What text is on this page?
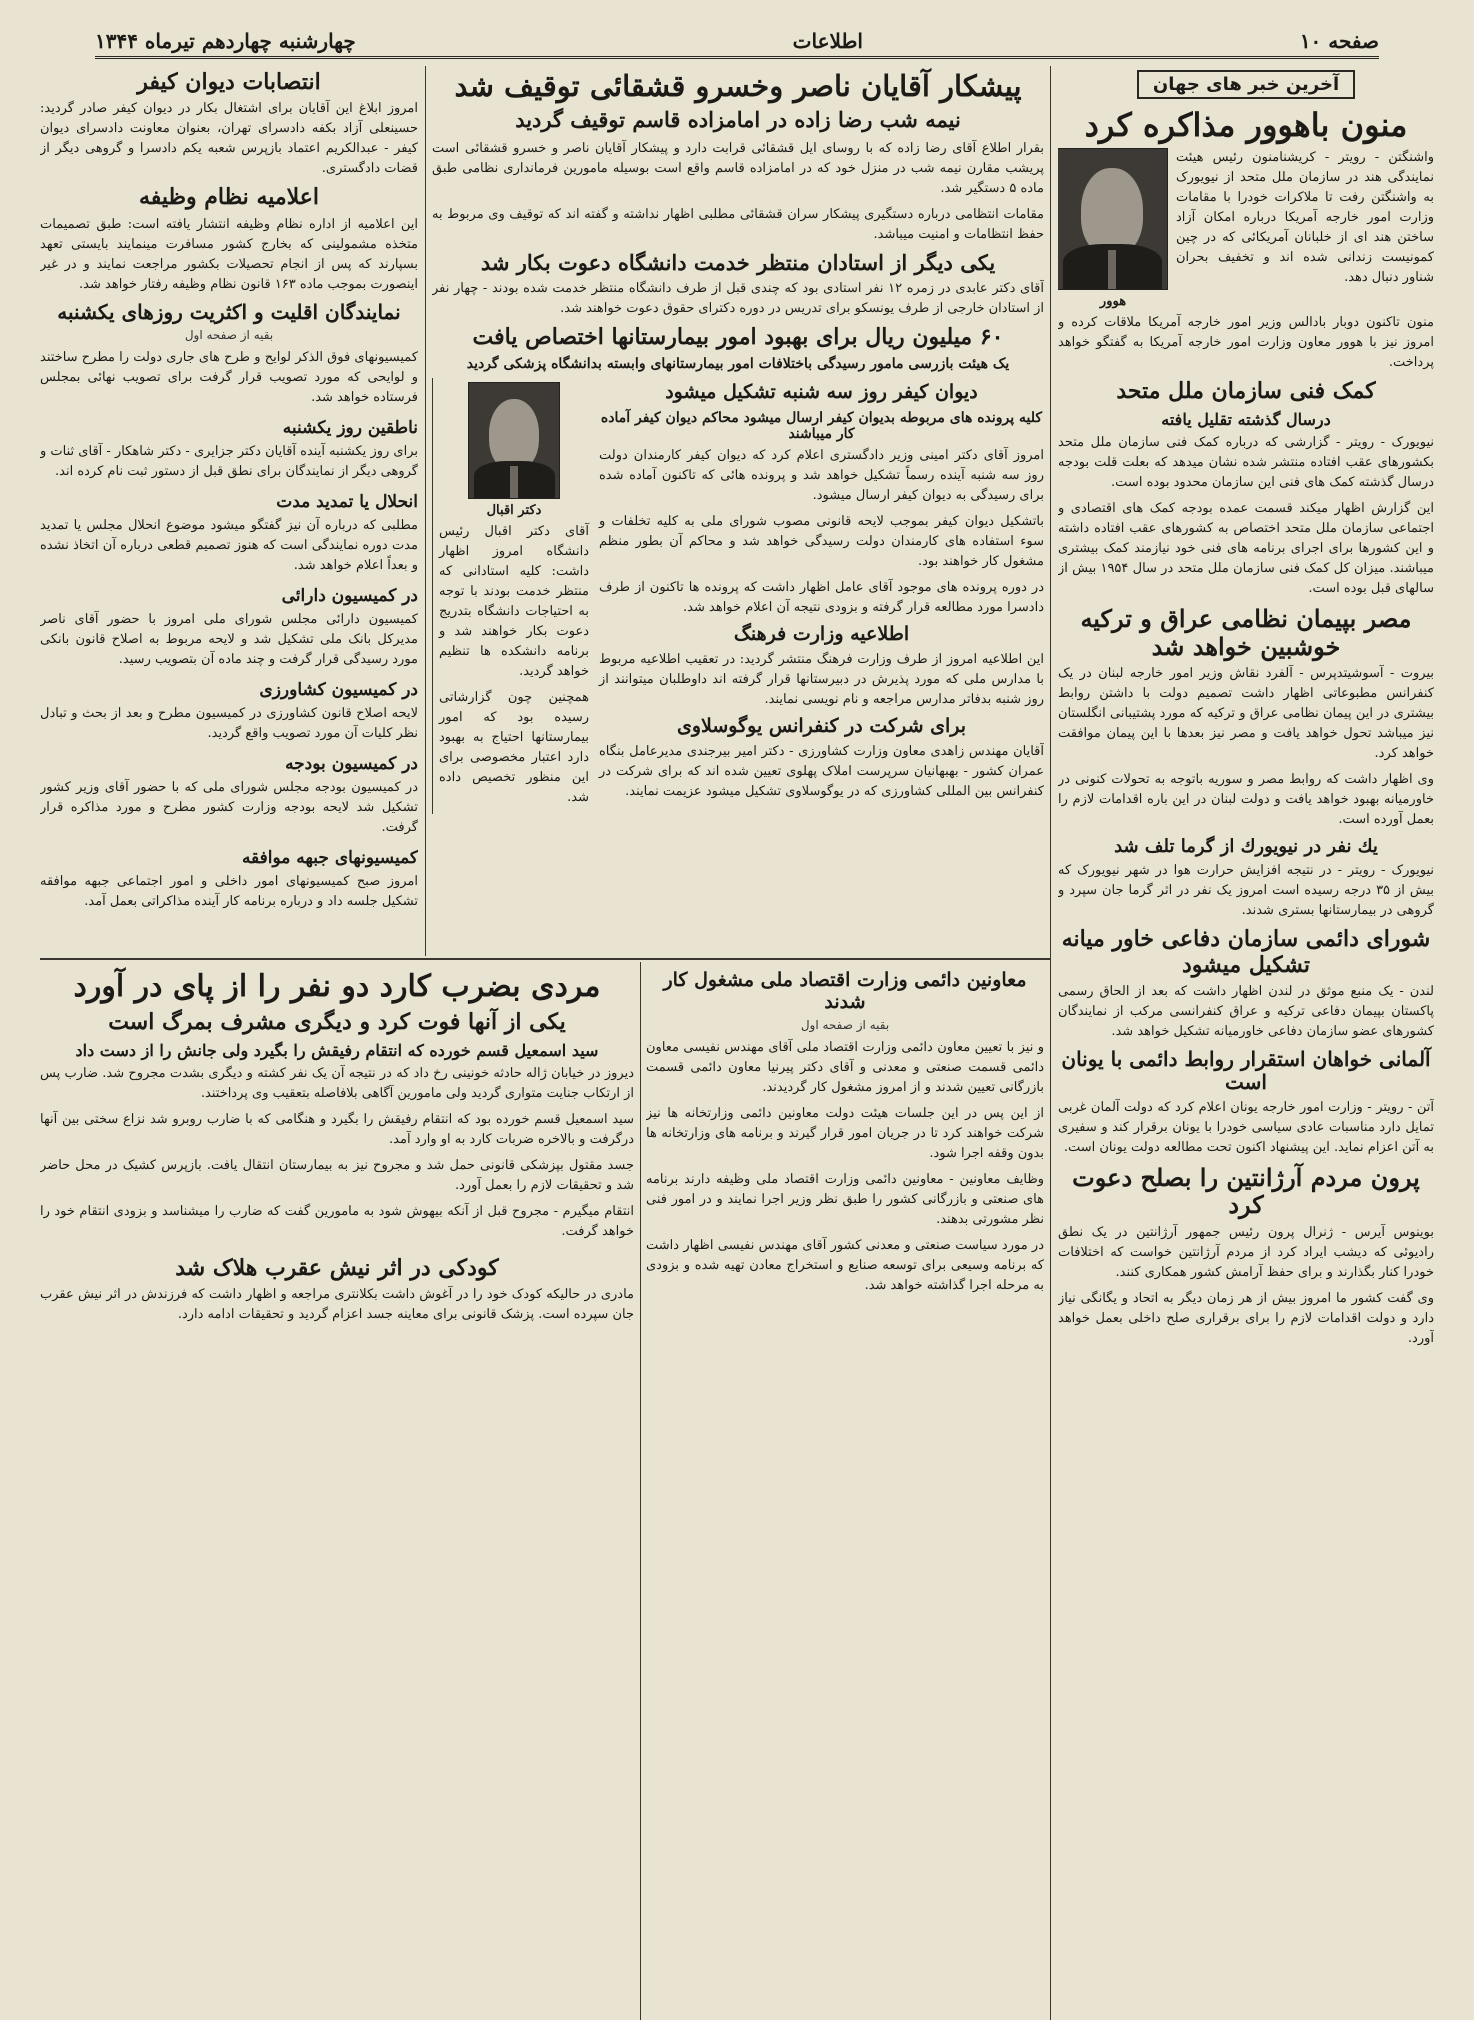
صفحه ۱۰
اطلاعات
چهارشنبه چهاردهم تیرماه ۱۳۴۴
آخرین خبر های جهان
منون باهوور مذاکره کرد

واشنگتن - رویتر - کریشنامنون رئیس هیئت نمایندگی هند در سازمان ملل متحد از نیویورک به واشنگتن رفت تا ملاکرات خودرا با مقامات وزارت امور خارجه آمریکا درباره امکان آزاد ساختن هند ای از خلبانان آمریکائی که در چین کمونیست زندانی شده اند و تخفیف بحران شناور دنبال دهد.

هوور

منون تاکنون دوبار بادالس وزیر امور خارجه آمریکا ملاقات کرده و امروز نیز با هوور معاون وزارت امور خارجه آمریکا به گفتگو خواهد پرداخت.

کمک فنی سازمان ملل متحد
درسال گذشته تقلیل یافته

نیویورک - رویتر - گزارشی که درباره کمک فنی سازمان ملل متحد بکشورهای عقب افتاده منتشر شده نشان میدهد که بعلت قلت بودجه درسال گذشته کمک های فنی این سازمان محدود بوده است.

این گزارش اظهار میکند قسمت عمده بودجه کمک های اقتصادی و اجتماعی سازمان ملل متحد اختصاص به کشورهای عقب افتاده داشته و این کشورها برای اجرای برنامه های فنی خود نیازمند کمک بیشتری میباشند. میزان کل کمک فنی سازمان ملل متحد در سال ۱۹۵۴ بیش از سالهای قبل بوده است.

مصر بپیمان نظامی عراق و ترکیه خوشبین خواهد شد

بیروت - آسوشیتدپرس - آلفرد نقاش وزیر امور خارجه لبنان در یک کنفرانس مطبوعاتی اظهار داشت تصمیم دولت با داشتن روابط بیشتری در این پیمان نظامی عراق و ترکیه که مورد پشتیبانی انگلستان نیز میباشد تحول خواهد یافت و مصر نیز بعدها با این پیمان موافقت خواهد کرد.

وی اظهار داشت که روابط مصر و سوریه باتوجه به تحولات کنونی در خاورمیانه بهبود خواهد یافت و دولت لبنان در این باره اقدامات لازم را بعمل آورده است.

یك نفر در نیویورك از گرما تلف شد

نیویورک - رویتر - در نتیجه افزایش حرارت هوا در شهر نیویورک که بیش از ۳۵ درجه رسیده است امروز یک نفر در اثر گرما جان سپرد و گروهی در بیمارستانها بستری شدند.

شورای دائمی سازمان دفاعی خاور میانه تشکیل میشود

لندن - یک منبع موثق در لندن اظهار داشت که بعد از الحاق رسمی پاکستان بپیمان دفاعی ترکیه و عراق کنفرانسی مرکب از نمایندگان کشورهای عضو سازمان دفاعی خاورمیانه تشکیل خواهد شد.

آلمانی خواهان استقرار روابط دائمی با یونان است

آتن - رویتر - وزارت امور خارجه یونان اعلام کرد که دولت آلمان غربی تمایل دارد مناسبات عادی سیاسی خودرا با یونان برقرار کند و سفیری به آتن اعزام نماید. این پیشنهاد اکنون تحت مطالعه دولت یونان است.

پرون مردم آرژانتین را بصلح دعوت کرد

بوینوس آیرس - ژنرال پرون رئیس جمهور آرژانتین در یک نطق رادیوئی که دیشب ایراد کرد از مردم آرژانتین خواست که اختلافات خودرا کنار بگذارند و برای حفظ آرامش کشور همکاری کنند.

وی گفت کشور ما امروز بیش از هر زمان دیگر به اتحاد و یگانگی نیاز دارد و دولت اقدامات لازم را برای برقراری صلح داخلی بعمل خواهد آورد.

پیشکار آقایان ناصر وخسرو قشقائی توقیف شد
نیمه شب رضا زاده در امامزاده قاسم توقیف گردید

بقرار اطلاع آقای رضا زاده که با روسای ایل قشقائی قرابت دارد و پیشکار آقایان ناصر و خسرو قشقائی است پریشب مقارن نیمه شب در منزل خود که در امامزاده قاسم واقع است بوسیله مامورین فرمانداری نظامی طبق ماده ۵ دستگیر شد.

مقامات انتظامی درباره دستگیری پیشکار سران قشقائی مطلبی اظهار نداشته و گفته اند که توقیف وی مربوط به حفظ انتظامات و امنیت میباشد.

یکی دیگر از استادان منتظر خدمت دانشگاه دعوت بکار شد

آقای دکتر عابدی در زمره ۱۲ نفر استادی بود که چندی قبل از طرف دانشگاه منتظر خدمت شده بودند - چهار نفر از استادان خارجی از طرف یونسکو برای تدریس در دوره دکترای حقوق دعوت خواهند شد.

۶۰ میلیون ریال برای بهبود امور بیمارستانها اختصاص یافت
یک هیئت بازرسی مامور رسیدگی باختلافات امور بیمارستانهای وابسته بدانشگاه پزشکی گردید
دیوان کیفر روز سه شنبه تشکیل میشود
کلیه پرونده های مربوطه بدیوان کیفر ارسال میشود محاکم دیوان کیفر آماده کار میباشند

امروز آقای دکتر امینی وزیر دادگستری اعلام کرد که دیوان کیفر کارمندان دولت روز سه شنبه آینده رسماً تشکیل خواهد شد و پرونده هائی که تاکنون آماده شده برای رسیدگی به دیوان کیفر ارسال میشود.

باتشکیل دیوان کیفر بموجب لایحه قانونی مصوب شورای ملی به کلیه تخلفات و سوء استفاده های کارمندان دولت رسیدگی خواهد شد و محاکم آن بطور منظم مشغول کار خواهند بود.

در دوره پرونده های موجود آقای عامل اظهار داشت که پرونده ها تاکنون از طرف دادسرا مورد مطالعه قرار گرفته و بزودی نتیجه آن اعلام خواهد شد.

اطلاعیه وزارت فرهنگ

این اطلاعیه امروز از طرف وزارت فرهنگ منتشر گردید: در تعقیب اطلاعیه مربوط با مدارس ملی که مورد پذیرش در دبیرستانها قرار گرفته اند داوطلبان میتوانند از روز شنبه بدفاتر مدارس مراجعه و نام نویسی نمایند.

برای شرکت در کنفرانس یوگوسلاوی

آقایان مهندس زاهدی معاون وزارت کشاورزی - دکتر امیر بیرجندی مدیرعامل بنگاه عمران کشور - بهبهانیان سرپرست املاک پهلوی تعیین شده اند که برای شرکت در کنفرانس بین المللی کشاورزی که در یوگوسلاوی تشکیل میشود عزیمت نمایند.

دکتر اقبال

آقای دکتر اقبال رئیس دانشگاه امروز اظهار داشت: کلیه استادانی که منتظر خدمت بودند با توجه به احتیاجات دانشگاه بتدریج دعوت بکار خواهند شد و برنامه دانشکده ها تنظیم خواهد گردید.

همچنین چون گزارشاتی رسیده بود که امور بیمارستانها احتیاج به بهبود دارد اعتبار مخصوصی برای این منظور تخصیص داده شد.

انتصابات دیوان کیفر

امروز ابلاغ این آقایان برای اشتغال بکار در دیوان کیفر صادر گردید: حسینعلی آزاد بکفه دادسرای تهران، بعنوان معاونت دادسرای دیوان کیفر - عبدالکریم اعتماد بازپرس شعبه یکم دادسرا و گروهی دیگر از قضات دادگستری.

اعلامیه نظام وظیفه

این اعلامیه از اداره نظام وظیفه انتشار یافته است: طبق تصمیمات متخذه مشمولینی که بخارج کشور مسافرت مینمایند بایستی تعهد بسپارند که پس از انجام تحصیلات بکشور مراجعت نمایند و در غیر اینصورت بموجب ماده ۱۶۳ قانون نظام وظیفه رفتار خواهد شد.

نمایندگان اقلیت و اکثریت روزهای یکشنبه
بقیه از صفحه اول

کمیسیونهای فوق الذکر لوایح و طرح های جاری دولت را مطرح ساختند و لوایحی که مورد تصویب قرار گرفت برای تصویب نهائی بمجلس فرستاده خواهد شد.

ناطقین روز یکشنبه

برای روز یکشنبه آینده آقایان دکتر جزایری - دکتر شاهکار - آقای ثنات و گروهی دیگر از نمایندگان برای نطق قبل از دستور ثبت نام کرده اند.

انحلال یا تمدید مدت

مطلبی که درباره آن نیز گفتگو میشود موضوع انحلال مجلس یا تمدید مدت دوره نمایندگی است که هنوز تصمیم قطعی درباره آن اتخاذ نشده و بعداً اعلام خواهد شد.

در کمیسیون دارائی

کمیسیون دارائی مجلس شورای ملی امروز با حضور آقای ناصر مدیرکل بانک ملی تشکیل شد و لایحه مربوط به اصلاح قانون بانکی مورد رسیدگی قرار گرفت و چند ماده آن بتصویب رسید.

در کمیسیون کشاورزی

لایحه اصلاح قانون کشاورزی در کمیسیون مطرح و بعد از بحث و تبادل نظر کلیات آن مورد تصویب واقع گردید.

در کمیسیون بودجه

در کمیسیون بودجه مجلس شورای ملی که با حضور آقای وزیر کشور تشکیل شد لایحه بودجه وزارت کشور مطرح و مورد مذاکره قرار گرفت.

کمیسیونهای جبهه موافقه

امروز صبح کمیسیونهای امور داخلی و امور اجتماعی جبهه موافقه تشکیل جلسه داد و درباره برنامه کار آینده مذاکراتی بعمل آمد.

معاونین دائمی وزارت اقتصاد ملی مشغول کار شدند
بقیه از صفحه اول

و نیز با تعیین معاون دائمی وزارت اقتصاد ملی آقای مهندس نفیسی معاون دائمی قسمت صنعتی و معدنی و آقای دکتر پیرنیا معاون دائمی قسمت بازرگانی تعیین شدند و از امروز مشغول کار گردیدند.

از این پس در این جلسات هیئت دولت معاونین دائمی وزارتخانه ها نیز شرکت خواهند کرد تا در جریان امور قرار گیرند و برنامه های وزارتخانه ها بدون وقفه اجرا شود.

وظایف معاونین - معاونین دائمی وزارت اقتصاد ملی وظیفه دارند برنامه های صنعتی و بازرگانی کشور را طبق نظر وزیر اجرا نمایند و در امور فنی نظر مشورتی بدهند.

در مورد سیاست صنعتی و معدنی کشور آقای مهندس نفیسی اظهار داشت که برنامه وسیعی برای توسعه صنایع و استخراج معادن تهیه شده و بزودی به مرحله اجرا گذاشته خواهد شد.

مردی بضرب کارد دو نفر را از پای در آورد
یکی از آنها فوت کرد و دیگری مشرف بمرگ است
سید اسمعیل قسم خورده که انتقام رفیقش را بگیرد ولی جانش را از دست داد

دیروز در خیابان ژاله حادثه خونینی رخ داد که در نتیجه آن یک نفر کشته و دیگری بشدت مجروح شد. ضارب پس از ارتکاب جنایت متواری گردید ولی مامورین آگاهی بلافاصله بتعقیب وی پرداختند.

سید اسمعیل قسم خورده بود که انتقام رفیقش را بگیرد و هنگامی که با ضارب روبرو شد نزاع سختی بین آنها درگرفت و بالاخره ضربات کارد به او وارد آمد.

جسد مقتول بپزشکی قانونی حمل شد و مجروح نیز به بیمارستان انتقال یافت. بازپرس کشیک در محل حاضر شد و تحقیقات لازم را بعمل آورد.

انتقام میگیرم - مجروح قبل از آنکه بیهوش شود به مامورین گفت که ضارب را میشناسد و بزودی انتقام خود را خواهد گرفت.

کودکی در اثر نیش عقرب هلاک شد

مادری در حالیکه کودک خود را در آغوش داشت بکلانتری مراجعه و اظهار داشت که فرزندش در اثر نیش عقرب جان سپرده است. پزشک قانونی برای معاینه جسد اعزام گردید و تحقیقات ادامه دارد.
